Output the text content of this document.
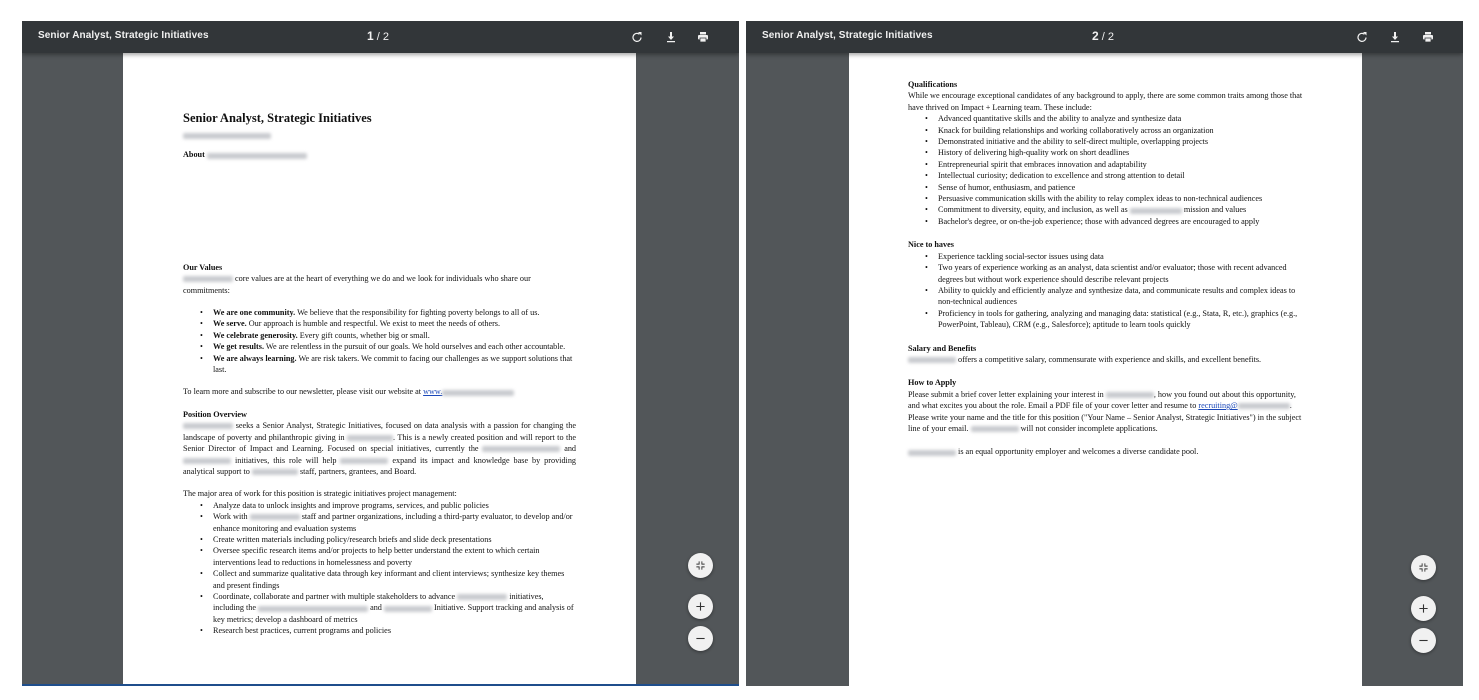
Senior Analyst, Strategic Initiatives	1 / 2
Senior Analyst, Strategic Initiatives
About
Our Values
core values are at the heart of everything we do and we look for individuals who share our commitments:
• We are one community. We believe that the responsibility for fighting poverty belongs to all of us.
• We serve. Our approach is humble and respectful. We exist to meet the needs of others.
• We celebrate generosity. Every gift counts, whether big or small.
• We get results. We are relentless in the pursuit of our goals. We hold ourselves and each other accountable.
• We are always learning. We are risk takers. We commit to facing our challenges as we support solutions that last.
To learn more and subscribe to our newsletter, please visit our website at www.
Position Overview
seeks a Senior Analyst, Strategic Initiatives, focused on data analysis with a passion for changing the landscape of poverty and philanthropic giving in	. This is a newly created position and will report to the Senior Director of Impact and Learning. Focused on special initiatives, currently the	and  initiatives, this role will help	expand its impact and knowledge base by providing analytical support to	staff, partners, grantees, and Board.
The major area of work for this position is strategic initiatives project management:
• Analyze data to unlock insights and improve programs, services, and public policies
• Work with	staff and partner organizations, including a third-party evaluator, to develop and/or enhance monitoring and evaluation systems
• Create written materials including policy/research briefs and slide deck presentations
• Oversee specific research items and/or projects to help better understand the extent to which certain interventions lead to reductions in homelessness and poverty
• Collect and summarize qualitative data through key informant and client interviews; synthesize key themes and present findings
• Coordinate, collaborate and partner with multiple stakeholders to advance	initiatives, including the	and	Initiative. Support tracking and analysis of key metrics; develop a dashboard of metrics
• Research best practices, current programs and policies
Senior Analyst, Strategic Initiatives	2 / 2
Qualifications
While we encourage exceptional candidates of any background to apply, there are some common traits among those that have thrived on Impact + Learning team. These include:
• Advanced quantitative skills and the ability to analyze and synthesize data
• Knack for building relationships and working collaboratively across an organization
• Demonstrated initiative and the ability to self-direct multiple, overlapping projects
• History of delivering high-quality work on short deadlines
• Entrepreneurial spirit that embraces innovation and adaptability
• Intellectual curiosity; dedication to excellence and strong attention to detail
• Sense of humor, enthusiasm, and patience
• Persuasive communication skills with the ability to relay complex ideas to non-technical audiences
• Commitment to diversity, equity, and inclusion, as well as	mission and values
• Bachelor's degree, or on-the-job experience; those with advanced degrees are encouraged to apply
Nice to haves
• Experience tackling social-sector issues using data
• Two years of experience working as an analyst, data scientist and/or evaluator; those with recent advanced degrees but without work experience should describe relevant projects
• Ability to quickly and efficiently analyze and synthesize data, and communicate results and complex ideas to non-technical audiences
• Proficiency in tools for gathering, analyzing and managing data: statistical (e.g., Stata, R, etc.), graphics (e.g., PowerPoint, Tableau), CRM (e.g., Salesforce); aptitude to learn tools quickly
Salary and Benefits
offers a competitive salary, commensurate with experience and skills, and excellent benefits.
How to Apply
Please submit a brief cover letter explaining your interest in	, how you found out about this opportunity, and what excites you about the role. Email a PDF file of your cover letter and resume to recruiting@	. Please write your name and the title for this position ("Your Name – Senior Analyst, Strategic Initiatives") in the subject line of your email.	will not consider incomplete applications.
is an equal opportunity employer and welcomes a diverse candidate pool.
